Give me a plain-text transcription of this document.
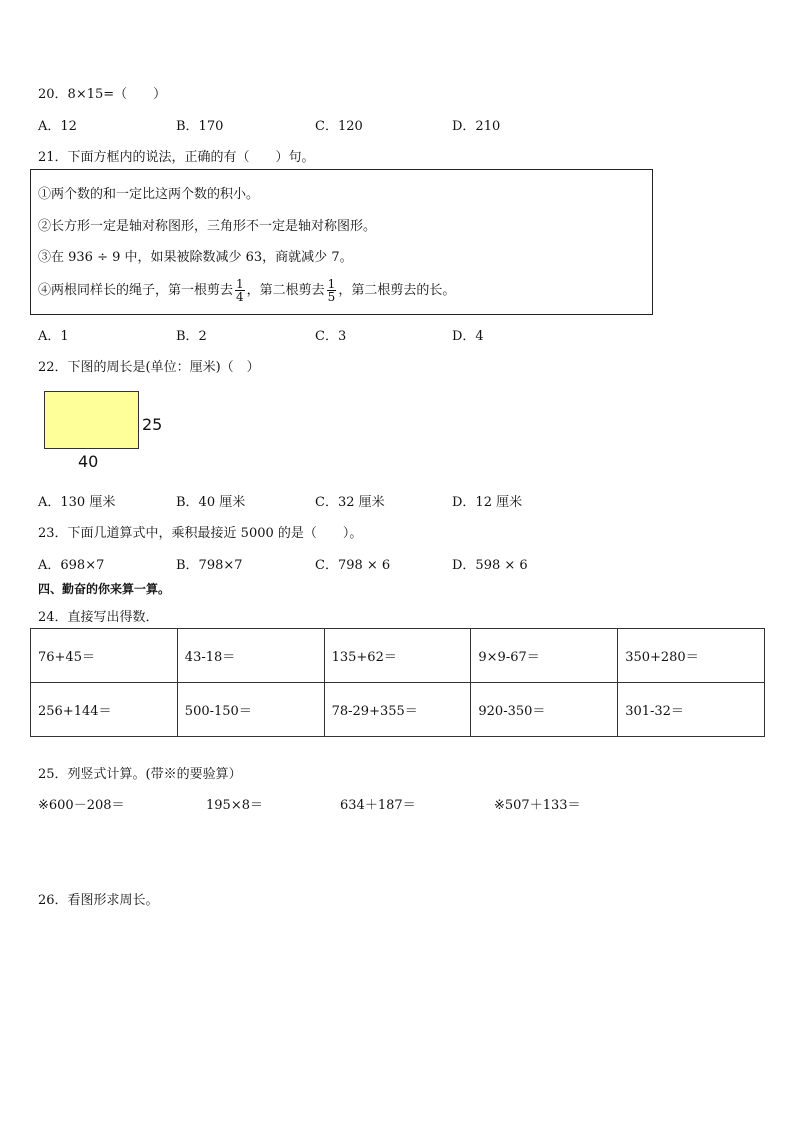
20．8×15=（　　）
A．12	B．170	C．120	D．210
21．下面方框内的说法，正确的有（　　）句。
①两个数的和一定比这两个数的积小。
②长方形一定是轴对称图形，三角形不一定是轴对称图形。
③在 936 ÷ 9 中，如果被除数减少 63，商就减少 7。
④两根同样长的绳子，第一根剪去 $\frac{1}{4}$ ，第二根剪去 $\frac{1}{5}$ ，第二根剪去的长。
A．1	B．2	C．3	D．4
22．下图的周长是(单位：厘米)（　）
25
40
A．130 厘米	B．40 厘米	C．32 厘米	D．12 厘米
23．下面几道算式中，乘积最接近 5000 的是（　　）。
A．698×7	B．798×7	C．798 × 6	D．598 × 6
四、勤奋的你来算一算。
24．直接写出得数．
76+45＝	43-18＝	135+62＝	9×9-67＝	350+280＝
256+144＝	500-150＝	78-29+355＝	920-350＝	301-32＝
25．列竖式计算。(带※的要验算）
※600－208＝	195×8＝	634＋187＝	※507＋133＝
26．看图形求周长。
